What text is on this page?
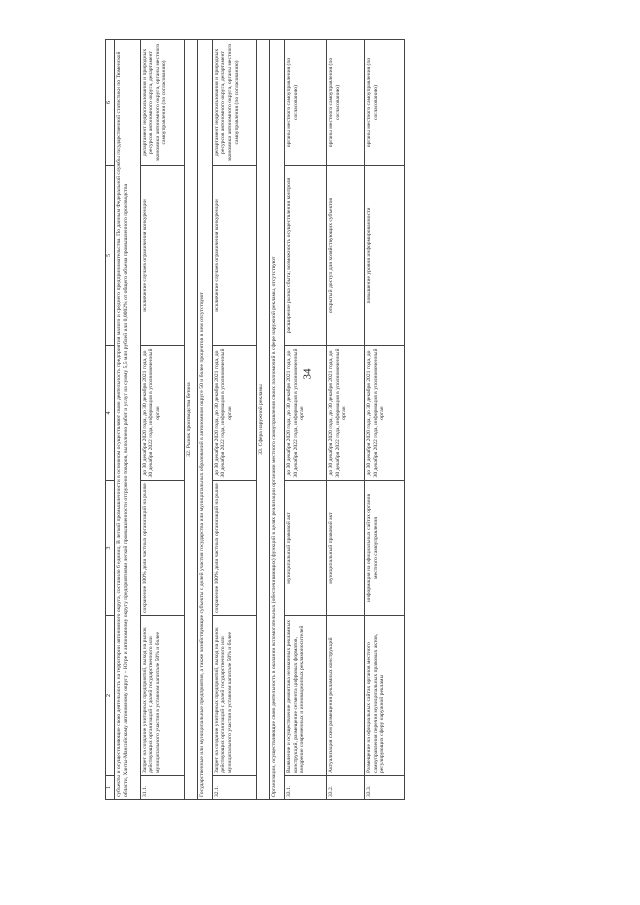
34
1	2	3	4	5	6
субъекты и осуществляющие свою деятельность на территории автономного округа, составило 6 единиц. В легкой промышленности в основном осуществляют свою деятельность предприятия малого и среднего предпринимательства. По данным Федеральной службы государственной статистики по Тюменской области, Ханты-Мансийскому автономному округу – Югре и автономному округу предприятиями легкой промышленности отгружено товаров, выполнено работ и услуг на сумму 5,5 млн рублей или 0,0002% от общего объема промышленного производства					
31.1.	Запрет на создание унитарных предприятий, выход на рынок действующих организаций с долей государственного или муниципального участия в уставном капитале 50% и более	сохранение 100% доли частных организаций на рынке	до 30 декабря 2020 года, до 30 декабря 2021 года, до 30 декабря 2022 года, информация в уполномоченный орган	исключение случаев ограничения конкуренции	департамент недропользования и природных ресурсов автономного округа, департамент экономики автономного округа, органы местного самоуправления (по согласованию)
32. Рынок производства бетона					
Государственные или муниципальные предприятия, а также хозяйствующие субъекты с долей участия государства или муниципальных образований в автономном округе 50 и более процентов в нем отсутствуют					
32.1.	Запрет на создание унитарных предприятий, выход на рынок действующих организаций с долей государственного или муниципального участия в уставном капитале 50% и более	сохранение 100% доли частных организаций на рынке	до 30 декабря 2020 года, до 30 декабря 2021 года, до 30 декабря 2022 года, информация в уполномоченный орган	исключение случаев ограничения конкуренции	департамент недропользования и природных ресурсов автономного округа, департамент экономики автономного округа, органы местного самоуправления (по согласованию)
33. Сфера наружной рекламы					
Организации, осуществляющие свою деятельность в оказании вспомогательных (обеспечивающих) функций в целях реализации органами местного самоуправления своих полномочий в сфере наружной рекламы, отсутствуют					
33.1.	Выявление и осуществление демонтажа незаконных рекламных конструкций, размещение сегмента цифровых форматов, внедрение современных и инновационных рекламоносителей	муниципальный правовой акт	до 30 декабря 2020 года, до 30 декабря 2021 года, до 30 декабря 2022 года, информация в уполномоченный орган	расширение рынка сбыта; возможность осуществления контроля	органы местного самоуправления (по согласованию)
33.2.	Актуализация схем размещения рекламных конструкций	муниципальный правовой акт	до 30 декабря 2020 года, до 30 декабря 2021 года, до 30 декабря 2022 года, информация в уполномоченный орган	открытый доступ для хозяйствующих субъектов	органы местного самоуправления (по согласованию)
33.3.	Размещение на официальных сайтах органов местного самоуправления перечня муниципальных правовых актов, регулирующих сферу наружной рекламы	информация на официальных сайтах органов местного самоуправления	до 30 декабря 2020 года, до 30 декабря 2021 года, до 30 декабря 2022 года, информация в уполномоченный орган	повышение уровня информированности	органы местного самоуправления (по согласованию)
